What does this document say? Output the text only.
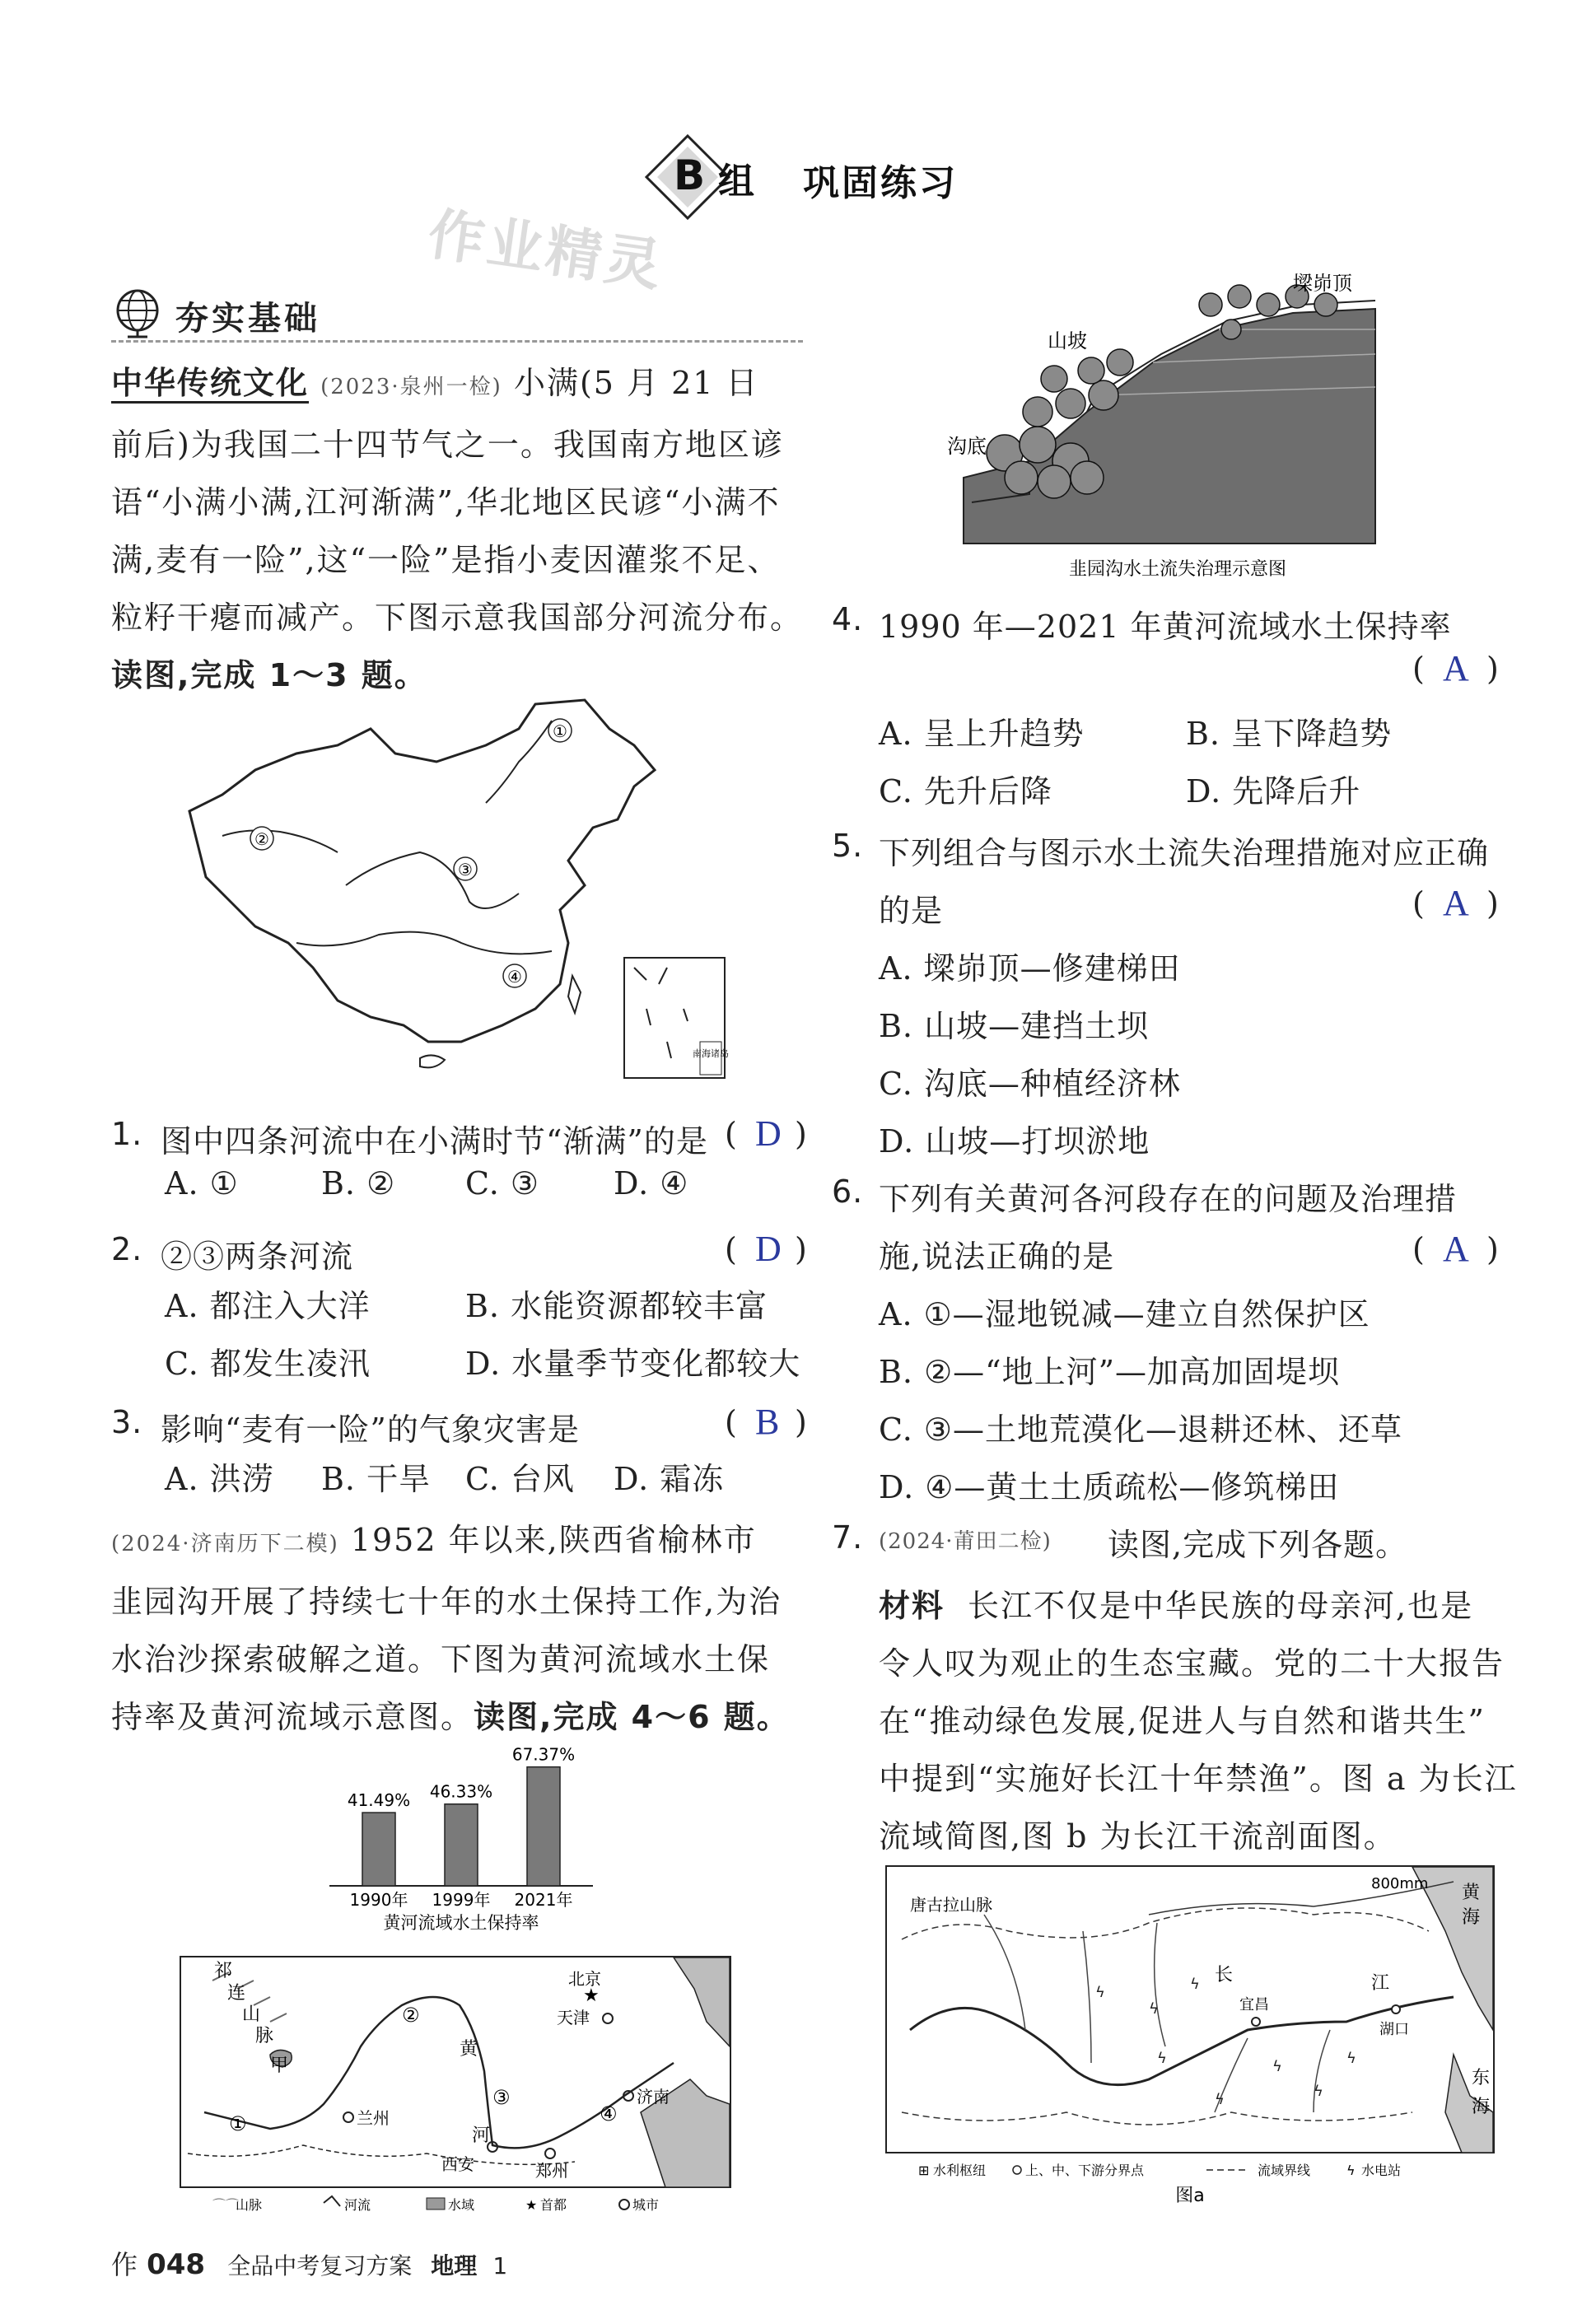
B 组 巩固练习
作业精灵
夯实基础
中华传统文化 (2023·泉州一检) 小满(5 月 21 日
前后)为我国二十四节气之一。我国南方地区谚
语“小满小满,江河渐满”,华北地区民谚“小满不
满,麦有一险”,这“一险”是指小麦因灌浆不足、
粒籽干瘪而减产。下图示意我国部分河流分布。
读图,完成 1～3 题。
①
②
③
④
南海诸岛
1. 图中四条河流中在小满时节“渐满”的是 ( D )
A. ①	B. ② C. ③ D. ④
2. ②③两条河流	( D )
A. 都注入大洋	B. 水能资源都较丰富
C. 都发生凌汛	D. 水量季节变化都较大
3. 影响“麦有一险”的气象灾害是	( B )
A. 洪涝 B. 干旱 C. 台风 D. 霜冻
(2024·济南历下二模) 1952 年以来,陕西省榆林市
韭园沟开展了持续七十年的水土保持工作,为治
水治沙探索破解之道。下图为黄河流域水土保
持率及黄河流域示意图。读图,完成 4～6 题。
41.49%
1990年
46.33%
1999年
67.37%
2021年
黄河流域水土保持率
祁
连
山
脉
甲
黄
河
北京
★
天津
兰州
西安	郑州
济南
①
②
③
④
⌒⌒
山脉	河流	水域	★ 首都	城市
墚峁顶
山坡
沟底
韭园沟水土流失治理示意图
4. 1990 年—2021 年黄河流域水土保持率
( A )
A. 呈上升趋势	B. 呈下降趋势
C. 先升后降	D. 先降后升
5. 下列组合与图示水土流失治理措施对应正确
的是	( A )
A. 墚峁顶—修建梯田
B. 山坡—建挡土坝
C. 沟底—种植经济林
D. 山坡—打坝淤地
6. 下列有关黄河各河段存在的问题及治理措
施,说法正确的是	( A )
A. ①—湿地锐减—建立自然保护区
B. ②—“地上河”—加高加固堤坝
C. ③—土地荒漠化—退耕还林、还草
D. ④—黄土土质疏松—修筑梯田
7. (2024·莆田二检) 读图,完成下列各题。
材料 长江不仅是中华民族的母亲河,也是
令人叹为观止的生态宝藏。党的二十大报告
在“推动绿色发展,促进人与自然和谐共生”
中提到“实施好长江十年禁渔”。图 a 为长江
流域简图,图 b 为长江干流剖面图。
800mm
唐古拉山脉
黄
海
东
海
长	江
宜昌
湖口
ϟ
ϟ
ϟ
ϟ
ϟ
ϟ
ϟ
ϟ
⊞ 水利枢纽	上、中、下游分界点	流域界线	ϟ 水电站
图a
作 048 全品中考复习方案 地理 1
